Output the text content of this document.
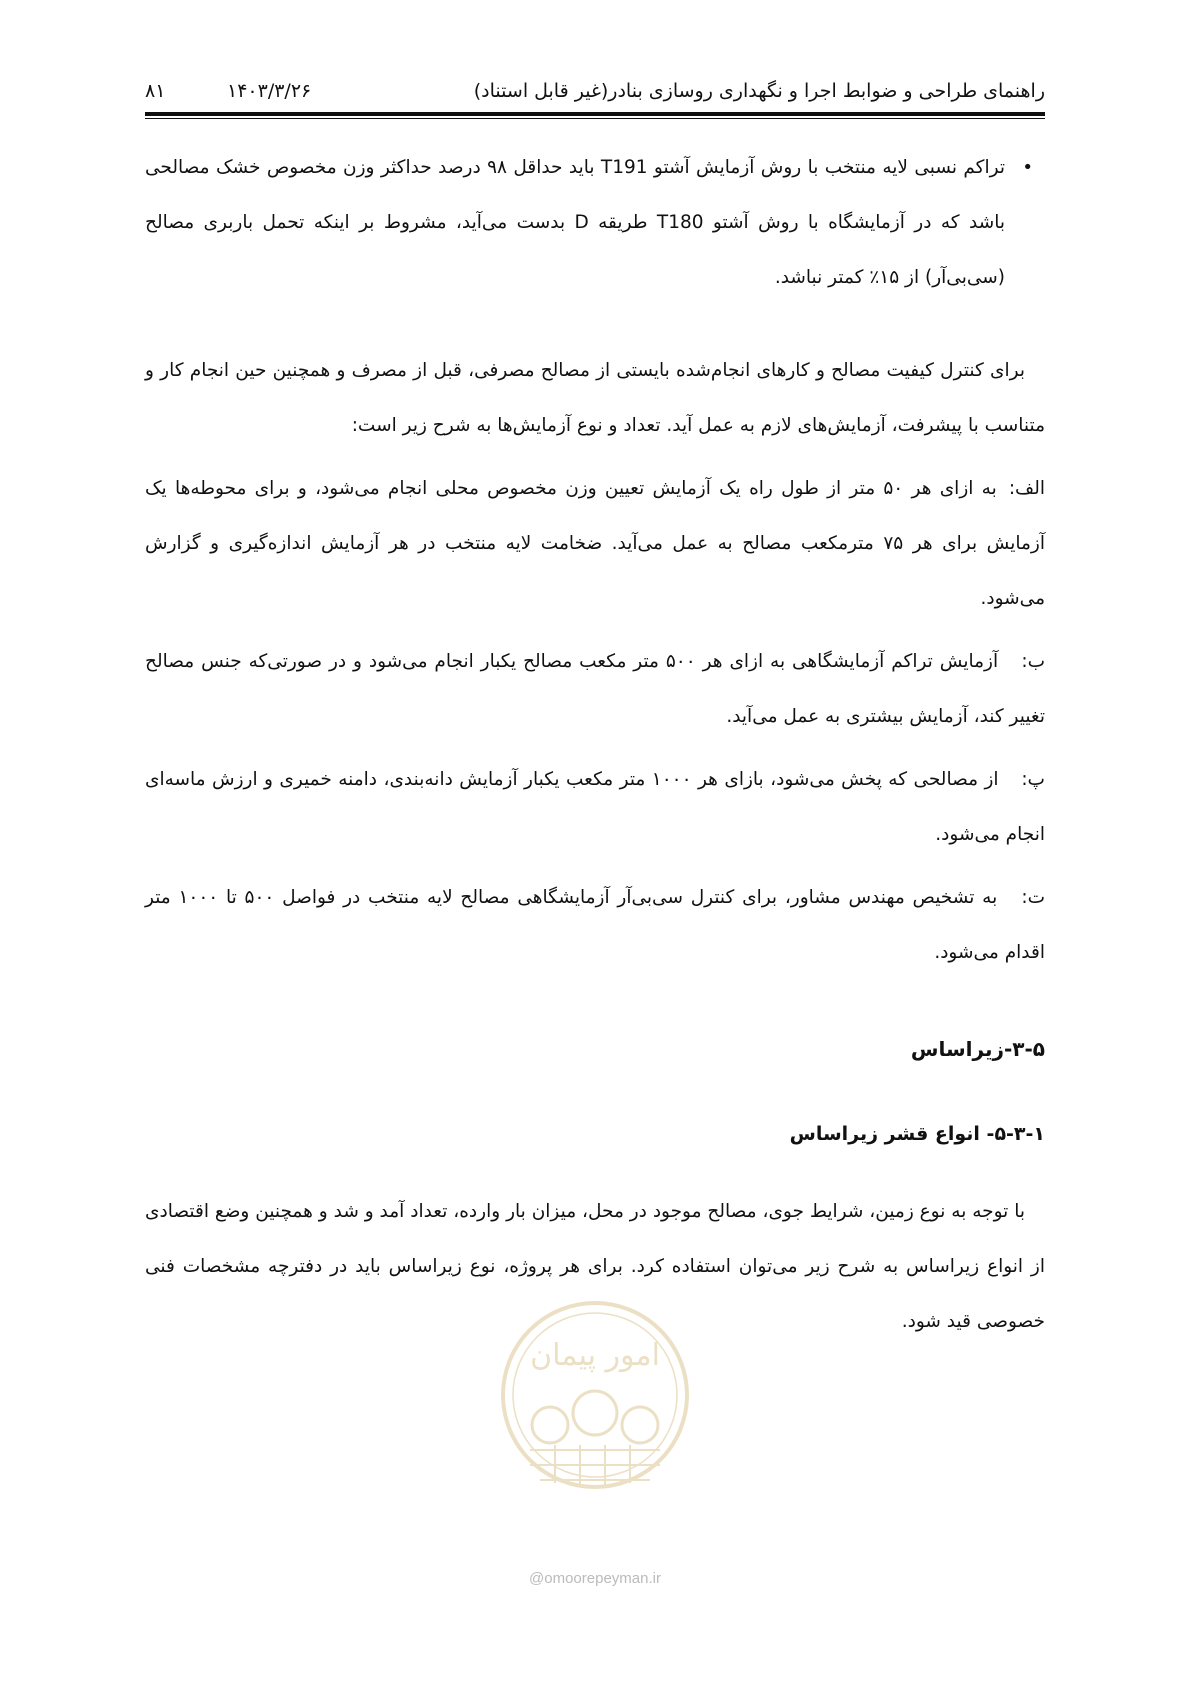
راهنمای طراحی و ضوابط اجرا و نگهداری روسازی بنادر(غیر قابل استناد)
۱۴۰۳/۳/۲۶
۸۱
•

تراکم نسبی لایه منتخب با روش آزمایش آشتو T191 باید حداقل ۹۸ درصد حداکثر وزن مخصوص خشک مصالحی باشد که در آزمایشگاه با روش آشتو T180 طریقه D بدست می‌آید، مشروط بر اینکه تحمل باربری مصالح (سی‌بی‌آر) از ۱۵٪ کمتر نباشد.

برای کنترل کیفیت مصالح و کارهای انجام‌شده بایستی از مصالح مصرفی، قبل از مصرف و همچنین حین انجام کار و متناسب با پیشرفت، آزمایش‌های لازم به عمل آید. تعداد و نوع آزمایش‌ها به شرح زیر است:

الف: به ازای هر ۵۰ متر از طول راه یک آزمایش تعیین وزن مخصوص محلی انجام می‌شود، و برای محوطه‌ها یک آزمایش برای هر ۷۵ مترمکعب مصالح به عمل می‌آید. ضخامت لایه منتخب در هر آزمایش اندازه‌گیری و گزارش می‌شود.

ب: آزمایش تراکم آزمایشگاهی به ازای هر ۵۰۰ متر مکعب مصالح یکبار انجام می‌شود و در صورتی‌که جنس مصالح تغییر کند، آزمایش بیشتری به عمل می‌آید.

پ: از مصالحی که پخش می‌شود، بازای هر ۱۰۰۰ متر مکعب یکبار آزمایش دانه‌بندی، دامنه خمیری و ارزش ماسه‌ای انجام می‌شود.

ت: به تشخیص مهندس مشاور، برای کنترل سی‌بی‌آر آزمایشگاهی مصالح لایه منتخب در فواصل ۵۰۰ تا ۱۰۰۰ متر اقدام می‌شود.

۳-۵-زیراساس

۵-۳-۱- انواع قشر زیراساس

با توجه به نوع زمین، شرایط جوی، مصالح موجود در محل، میزان بار وارده، تعداد آمد و شد و همچنین وضع اقتصادی از انواع زیراساس به شرح زیر می‌توان استفاده کرد. برای هر پروژه، نوع زیراساس باید در دفترچه مشخصات فنی خصوصی قید شود.

امور پیمان
@omoorepeyman.ir
